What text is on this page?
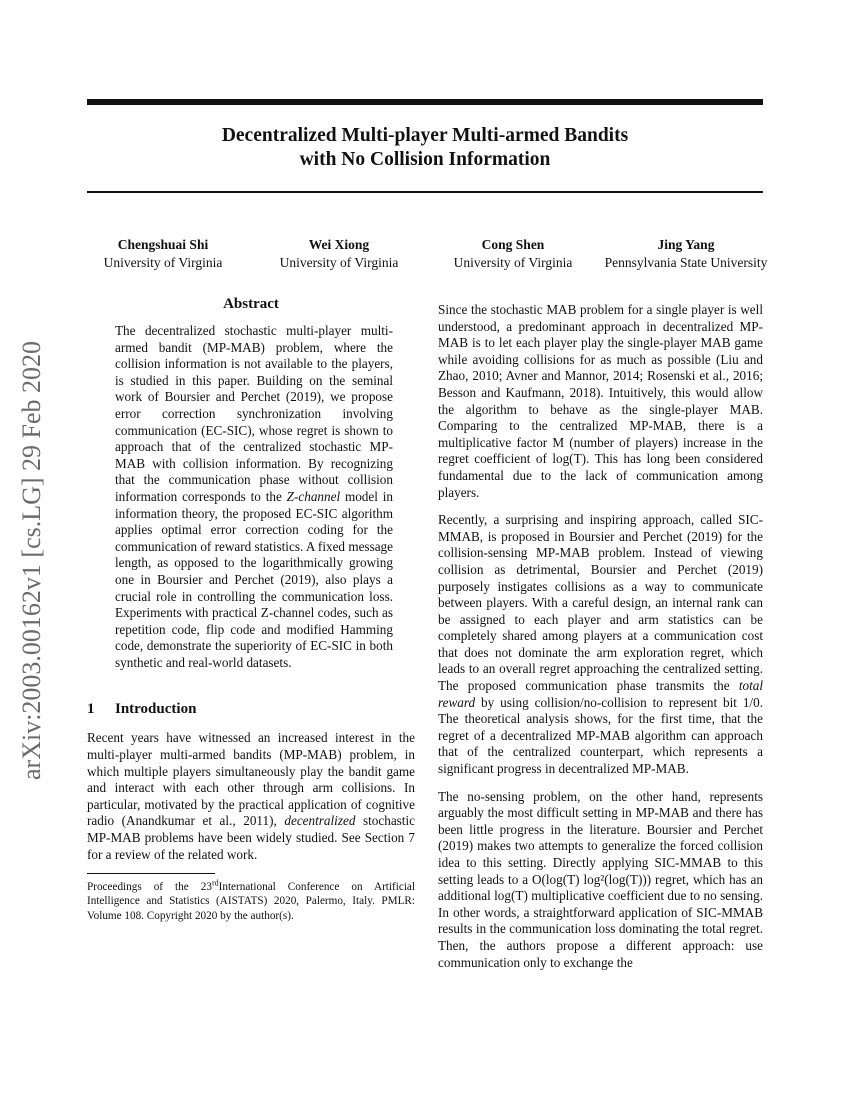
arXiv:2003.00162v1 [cs.LG] 29 Feb 2020
Decentralized Multi-player Multi-armed Bandits
with No Collision Information
Chengshuai Shi
University of Virginia
Wei Xiong
University of Virginia
Cong Shen
University of Virginia
Jing Yang
Pennsylvania State University
Abstract
The decentralized stochastic multi-player multi-armed bandit (MP-MAB) problem, where the collision information is not available to the players, is studied in this paper. Building on the seminal work of Boursier and Perchet (2019), we propose error correction synchronization involving communication (EC-SIC), whose regret is shown to approach that of the centralized stochastic MP-MAB with collision information. By recognizing that the communication phase without collision information corresponds to the Z-channel model in information theory, the proposed EC-SIC algorithm applies optimal error correction coding for the communication of reward statistics. A fixed message length, as opposed to the logarithmically growing one in Boursier and Perchet (2019), also plays a crucial role in controlling the communication loss. Experiments with practical Z-channel codes, such as repetition code, flip code and modified Hamming code, demonstrate the superiority of EC-SIC in both synthetic and real-world datasets.
1 Introduction

Recent years have witnessed an increased interest in the multi-player multi-armed bandits (MP-MAB) problem, in which multiple players simultaneously play the bandit game and interact with each other through arm collisions. In particular, motivated by the practical application of cognitive radio (Anandkumar et al., 2011), decentralized stochastic MP-MAB problems have been widely studied. See Section 7 for a review of the related work.

Proceedings of the 23rdInternational Conference on Artificial Intelligence and Statistics (AISTATS) 2020, Palermo, Italy. PMLR: Volume 108. Copyright 2020 by the author(s).

Since the stochastic MAB problem for a single player is well understood, a predominant approach in decentralized MP-MAB is to let each player play the single-player MAB game while avoiding collisions for as much as possible (Liu and Zhao, 2010; Avner and Mannor, 2014; Rosenski et al., 2016; Besson and Kaufmann, 2018). Intuitively, this would allow the algorithm to behave as the single-player MAB. Comparing to the centralized MP-MAB, there is a multiplicative factor M (number of players) increase in the regret coefficient of log(T). This has long been considered fundamental due to the lack of communication among players.

Recently, a surprising and inspiring approach, called SIC-MMAB, is proposed in Boursier and Perchet (2019) for the collision-sensing MP-MAB problem. Instead of viewing collision as detrimental, Boursier and Perchet (2019) purposely instigates collisions as a way to communicate between players. With a careful design, an internal rank can be assigned to each player and arm statistics can be completely shared among players at a communication cost that does not dominate the arm exploration regret, which leads to an overall regret approaching the centralized setting. The proposed communication phase transmits the total reward by using collision/no-collision to represent bit 1/0. The theoretical analysis shows, for the first time, that the regret of a decentralized MP-MAB algorithm can approach that of the centralized counterpart, which represents a significant progress in decentralized MP-MAB.

The no-sensing problem, on the other hand, represents arguably the most difficult setting in MP-MAB and there has been little progress in the literature. Boursier and Perchet (2019) makes two attempts to generalize the forced collision idea to this setting. Directly applying SIC-MMAB to this setting leads to a O(log(T) log²(log(T))) regret, which has an additional log(T) multiplicative coefficient due to no sensing. In other words, a straightforward application of SIC-MMAB results in the communication loss dominating the total regret. Then, the authors propose a different approach: use communication only to exchange the
